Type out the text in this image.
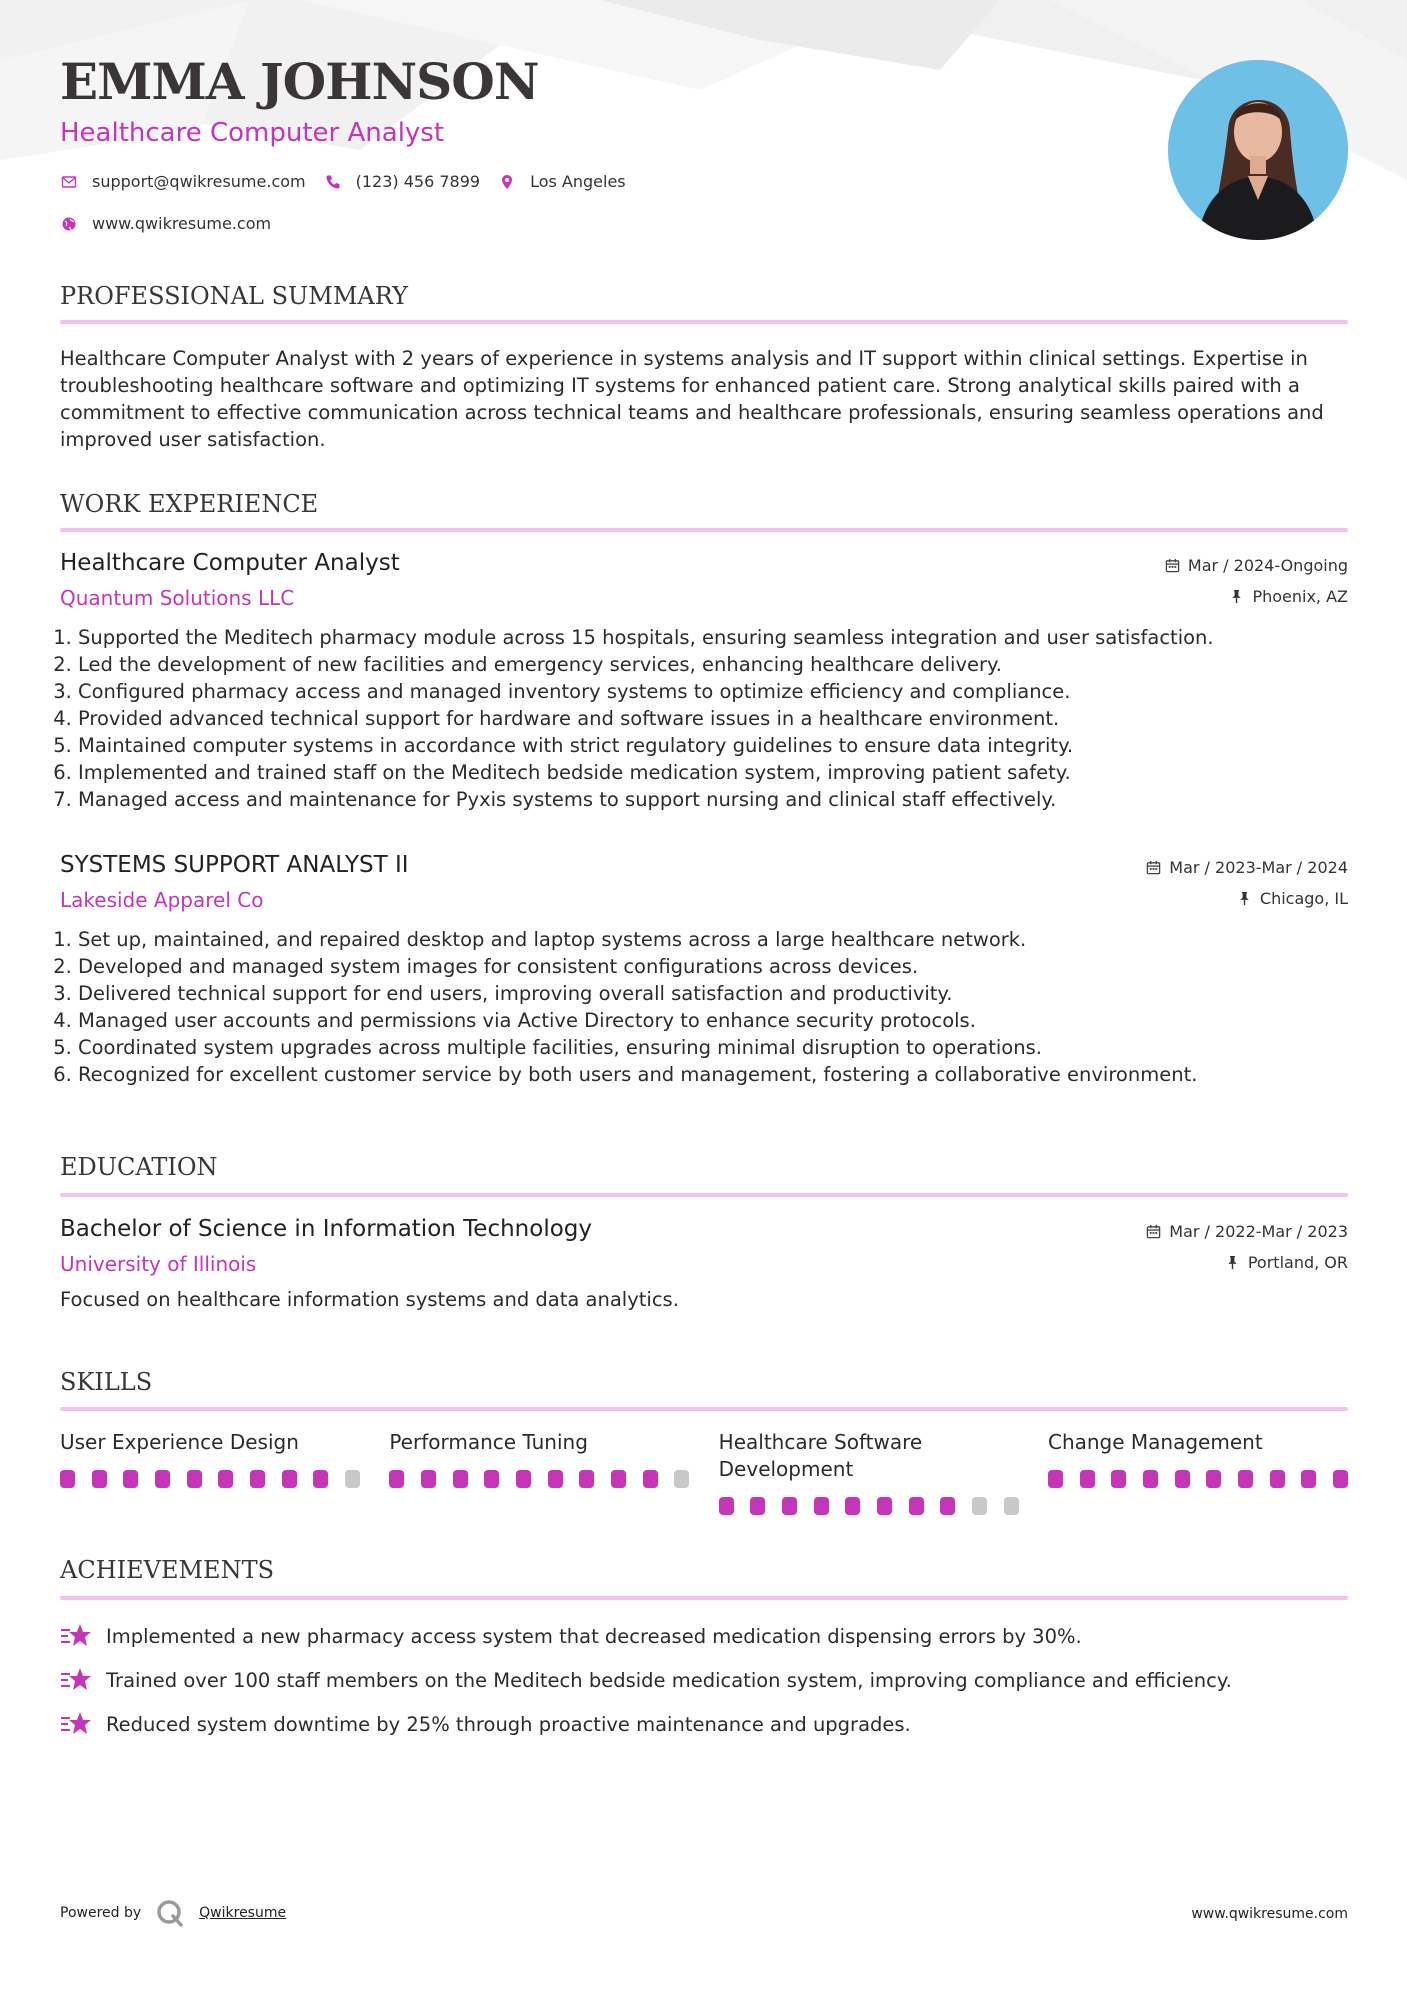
EMMA JOHNSON
Healthcare Computer Analyst
support@qwikresume.com	(123) 456 7899	Los Angeles
www.qwikresume.com
PROFESSIONAL SUMMARY

Healthcare Computer Analyst with 2 years of experience in systems analysis and IT support within clinical settings. Expertise in troubleshooting healthcare software and optimizing IT systems for enhanced patient care. Strong analytical skills paired with a commitment to effective communication across technical teams and healthcare professionals, ensuring seamless operations and improved user satisfaction.

WORK EXPERIENCE
Healthcare Computer Analyst
Quantum Solutions LLC
Mar / 2024-Ongoing
Phoenix, AZ
1. Supported the Meditech pharmacy module across 15 hospitals, ensuring seamless integration and user satisfaction.
2. Led the development of new facilities and emergency services, enhancing healthcare delivery.
3. Configured pharmacy access and managed inventory systems to optimize efficiency and compliance.
4. Provided advanced technical support for hardware and software issues in a healthcare environment.
5. Maintained computer systems in accordance with strict regulatory guidelines to ensure data integrity.
6. Implemented and trained staff on the Meditech bedside medication system, improving patient safety.
7. Managed access and maintenance for Pyxis systems to support nursing and clinical staff effectively.
SYSTEMS SUPPORT ANALYST II
Lakeside Apparel Co
Mar / 2023-Mar / 2024
Chicago, IL
1. Set up, maintained, and repaired desktop and laptop systems across a large healthcare network.
2. Developed and managed system images for consistent configurations across devices.
3. Delivered technical support for end users, improving overall satisfaction and productivity.
4. Managed user accounts and permissions via Active Directory to enhance security protocols.
5. Coordinated system upgrades across multiple facilities, ensuring minimal disruption to operations.
6. Recognized for excellent customer service by both users and management, fostering a collaborative environment.
EDUCATION
Bachelor of Science in Information Technology
University of Illinois
Mar / 2022-Mar / 2023
Portland, OR

Focused on healthcare information systems and data analytics.

SKILLS
User Experience Design	Performance Tuning	Healthcare Software Development
Change Management
ACHIEVEMENTS
Implemented a new pharmacy access system that decreased medication dispensing errors by 30%.
Trained over 100 staff members on the Meditech bedside medication system, improving compliance and efficiency.
Reduced system downtime by 25% through proactive maintenance and upgrades.
Powered by	Qwikresume	www.qwikresume.com
